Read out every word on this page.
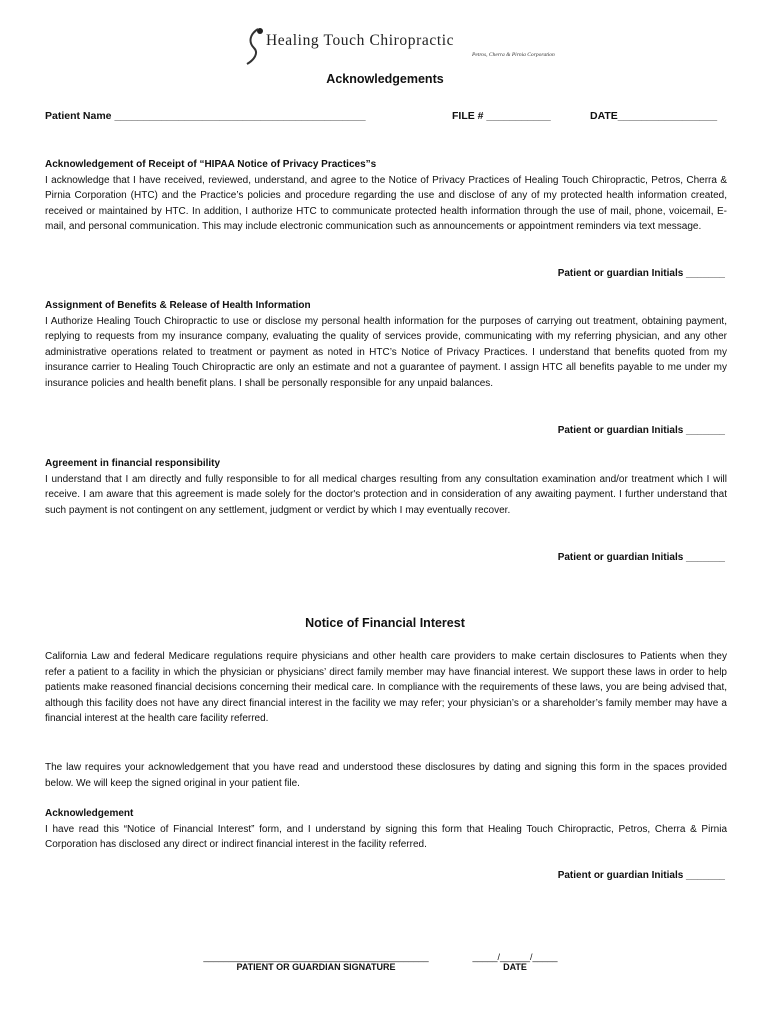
Healing Touch Chiropractic
Petros, Cherra & Pirnia Corporation
Acknowledgements
Patient Name ___________________________________________	FILE # ___________	DATE_________________
Acknowledgement of Receipt of “HIPAA Notice of Privacy Practices”s

I acknowledge that I have received, reviewed, understand, and agree to the Notice of Privacy Practices of Healing Touch Chiropractic, Petros, Cherra & Pirnia Corporation (HTC) and the Practice’s policies and procedure regarding the use and disclose of any of my protected health information created, received or maintained by HTC. In addition, I authorize HTC to communicate protected health information through the use of mail, phone, voicemail, E-mail, and personal communication. This may include electronic communication such as announcements or appointment reminders via text message.

Patient or guardian Initials _______
Assignment of Benefits & Release of Health Information

I Authorize Healing Touch Chiropractic to use or disclose my personal health information for the purposes of carrying out treatment, obtaining payment, replying to requests from my insurance company, evaluating the quality of services provide, communicating with my referring physician, and any other administrative operations related to treatment or payment as noted in HTC’s Notice of Privacy Practices. I understand that benefits quoted from my insurance carrier to Healing Touch Chiropractic are only an estimate and not a guarantee of payment. I assign HTC all benefits payable to me under my insurance policies and health benefit plans. I shall be personally responsible for any unpaid balances.

Patient or guardian Initials _______
Agreement in financial responsibility

I understand that I am directly and fully responsible to for all medical charges resulting from any consultation examination and/or treatment which I will receive. I am aware that this agreement is made solely for the doctor's protection and in consideration of any awaiting payment. I further understand that such payment is not contingent on any settlement, judgment or verdict by which I may eventually recover.

Patient or guardian Initials _______
Notice of Financial Interest
California Law and federal Medicare regulations require physicians and other health care providers to make certain disclosures to Patients when they refer a patient to a facility in which the physician or physicians’ direct family member may have financial interest. We support these laws in order to help patients make reasoned financial decisions concerning their medical care. In compliance with the requirements of these laws, you are being advised that, although this facility does not have any direct financial interest in the facility we may refer; your physician’s or a shareholder’s family member may have a financial interest at the health care facility referred.
The law requires your acknowledgement that you have read and understood these disclosures by dating and signing this form in the spaces provided below. We will keep the signed original in your patient file.
Acknowledgement

I have read this “Notice of Financial Interest” form, and I understand by signing this form that Healing Touch Chiropractic, Petros, Cherra & Pirnia Corporation has disclosed any direct or indirect financial interest in the facility referred.

Patient or guardian Initials _______
_____________________________________________
PATIENT OR GUARDIAN SIGNATURE
_____/______/_____
DATE
